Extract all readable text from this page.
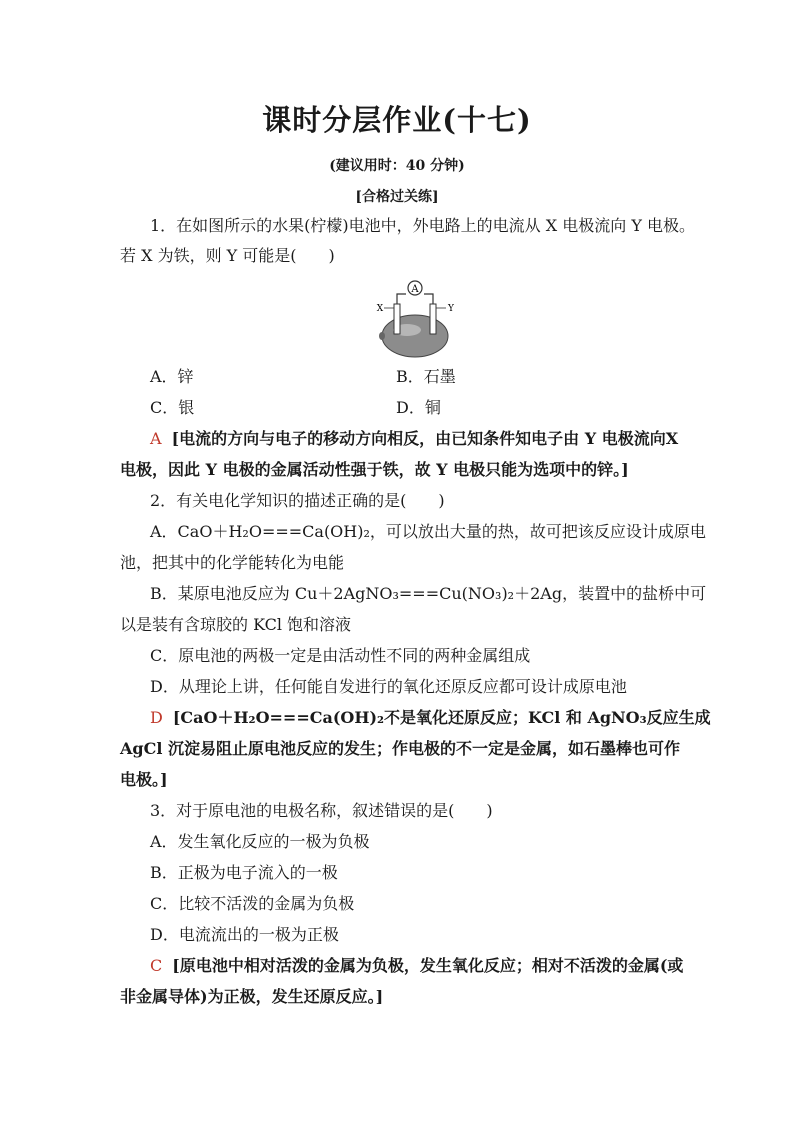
课时分层作业(十七)
(建议用时：40 分钟)
[合格过关练]
1．在如图所示的水果(柠檬)电池中，外电路上的电流从 X 电极流向 Y 电极。
若 X 为铁，则 Y 可能是(　　)
A
X	Y
A．锌	B．石墨
C．银	D．铜
A [电流的方向与电子的移动方向相反，由已知条件知电子由 Y 电极流向X
电极，因此 Y 电极的金属活动性强于铁，故 Y 电极只能为选项中的锌。]
2．有关电化学知识的描述正确的是(　　)
A．CaO＋H₂O===Ca(OH)₂，可以放出大量的热，故可把该反应设计成原电
池，把其中的化学能转化为电能
B．某原电池反应为 Cu＋2AgNO₃===Cu(NO₃)₂＋2Ag，装置中的盐桥中可
以是装有含琼胶的 KCl 饱和溶液
C．原电池的两极一定是由活动性不同的两种金属组成
D．从理论上讲，任何能自发进行的氧化还原反应都可设计成原电池
D [CaO＋H₂O===Ca(OH)₂不是氧化还原反应；KCl 和 AgNO₃反应生成
AgCl 沉淀易阻止原电池反应的发生；作电极的不一定是金属，如石墨棒也可作
电极。]
3．对于原电池的电极名称，叙述错误的是(　　)
A．发生氧化反应的一极为负极
B．正极为电子流入的一极
C．比较不活泼的金属为负极
D．电流流出的一极为正极
C [原电池中相对活泼的金属为负极，发生氧化反应；相对不活泼的金属(或
非金属导体)为正极，发生还原反应。]
